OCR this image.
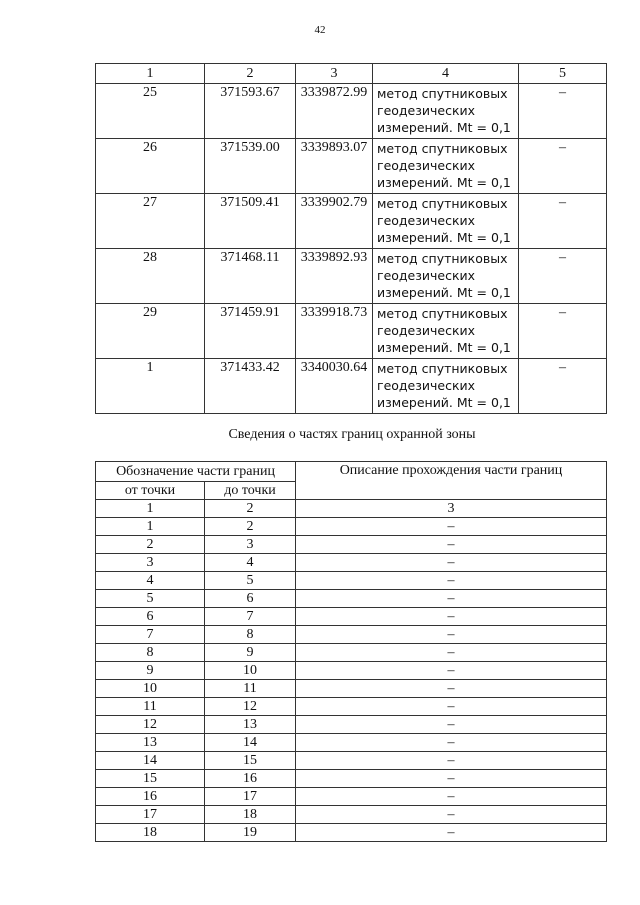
42
1	2	3	4	5
25	371593.67	3339872.99	метод спутниковых
геодезических
измерений. Mt = 0,1	–
26	371539.00	3339893.07	метод спутниковых
геодезических
измерений. Mt = 0,1	–
27	371509.41	3339902.79	метод спутниковых
геодезических
измерений. Mt = 0,1	–
28	371468.11	3339892.93	метод спутниковых
геодезических
измерений. Mt = 0,1	–
29	371459.91	3339918.73	метод спутниковых
геодезических
измерений. Mt = 0,1	–
1	371433.42	3340030.64	метод спутниковых
геодезических
измерений. Mt = 0,1	–
Сведения о частях границ охранной зоны
Обозначение части границ		Описание прохождения части границ
от точки	до точки	
1	2	3
1	2	–
2	3	–
3	4	–
4	5	–
5	6	–
6	7	–
7	8	–
8	9	–
9	10	–
10	11	–
11	12	–
12	13	–
13	14	–
14	15	–
15	16	–
16	17	–
17	18	–
18	19	–
